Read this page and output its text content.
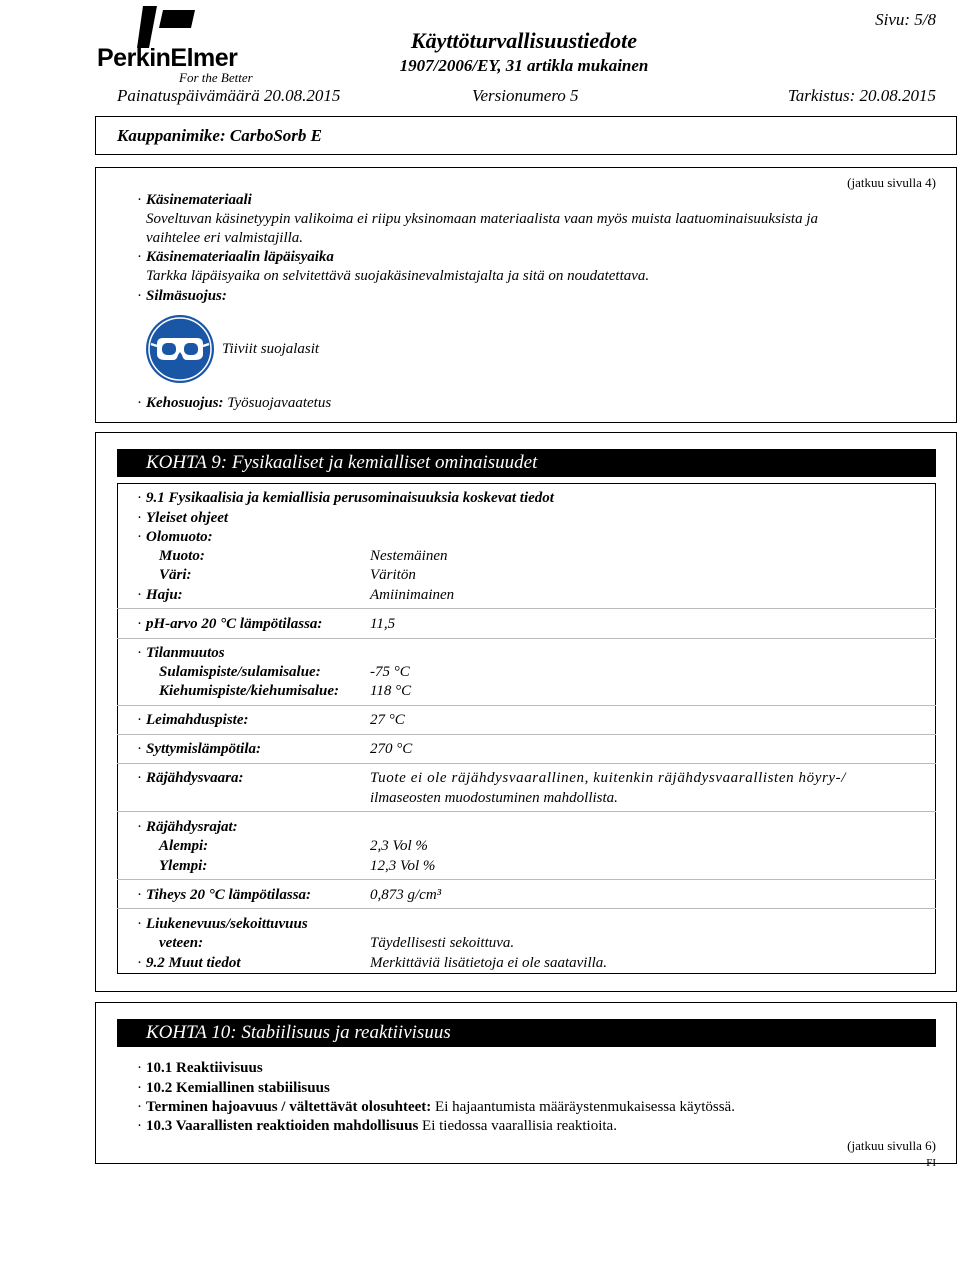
PerkinElmer
For the Better
Käyttöturvallisuustiedote
1907/2006/EY, 31 artikla mukainen
Sivu: 5/8
Painatuspäivämäärä 20.08.2015	Versionumero 5	Tarkistus: 20.08.2015
Kauppanimike: CarboSorb E
(jatkuu sivulla 4)
· Käsinemateriaali
Soveltuvan käsinetyypin valikoima ei riipu yksinomaan materiaalista vaan myös muista laatuominaisuuksista ja
vaihtelee eri valmistajilla.
· Käsinemateriaalin läpäisyaika
Tarkka läpäisyaika on selvitettävä suojakäsinevalmistajalta ja sitä on noudatettava.
· Silmäsuojus:
Tiiviit suojalasit
· Kehosuojus: Työsuojavaatetus
KOHTA 9: Fysikaaliset ja kemialliset ominaisuudet
· 9.1 Fysikaalisia ja kemiallisia perusominaisuuksia koskevat tiedot
· Yleiset ohjeet
· Olomuoto:
Muoto:	Nestemäinen
Väri:	Väritön
· Haju:	Amiinimainen
· pH-arvo 20 °C lämpötilassa:	11,5
· Tilanmuutos
Sulamispiste/sulamisalue:	-75 °C
Kiehumispiste/kiehumisalue: 118 °C
· Leimahduspiste:	27 °C
· Syttymislämpötila:	270 °C
· Räjähdysvaara:	Tuote ei ole räjähdysvaarallinen, kuitenkin räjähdysvaarallisten höyry-/
ilmaseosten muodostuminen mahdollista.
· Räjähdysrajat:
Alempi:	2,3 Vol %
Ylempi:	12,3 Vol %
· Tiheys 20 °C lämpötilassa:	0,873 g/cm³
· Liukenevuus/sekoittuvuus
veteen:	Täydellisesti sekoittuva.
· 9.2 Muut tiedot	Merkittäviä lisätietoja ei ole saatavilla.
KOHTA 10: Stabiilisuus ja reaktiivisuus
· 10.1 Reaktiivisuus
· 10.2 Kemiallinen stabiilisuus
· Terminen hajoavuus / vältettävät olosuhteet: Ei hajaantumista määräystenmukaisessa käytössä.
· 10.3 Vaarallisten reaktioiden mahdollisuus Ei tiedossa vaarallisia reaktioita.
(jatkuu sivulla 6)
FI
